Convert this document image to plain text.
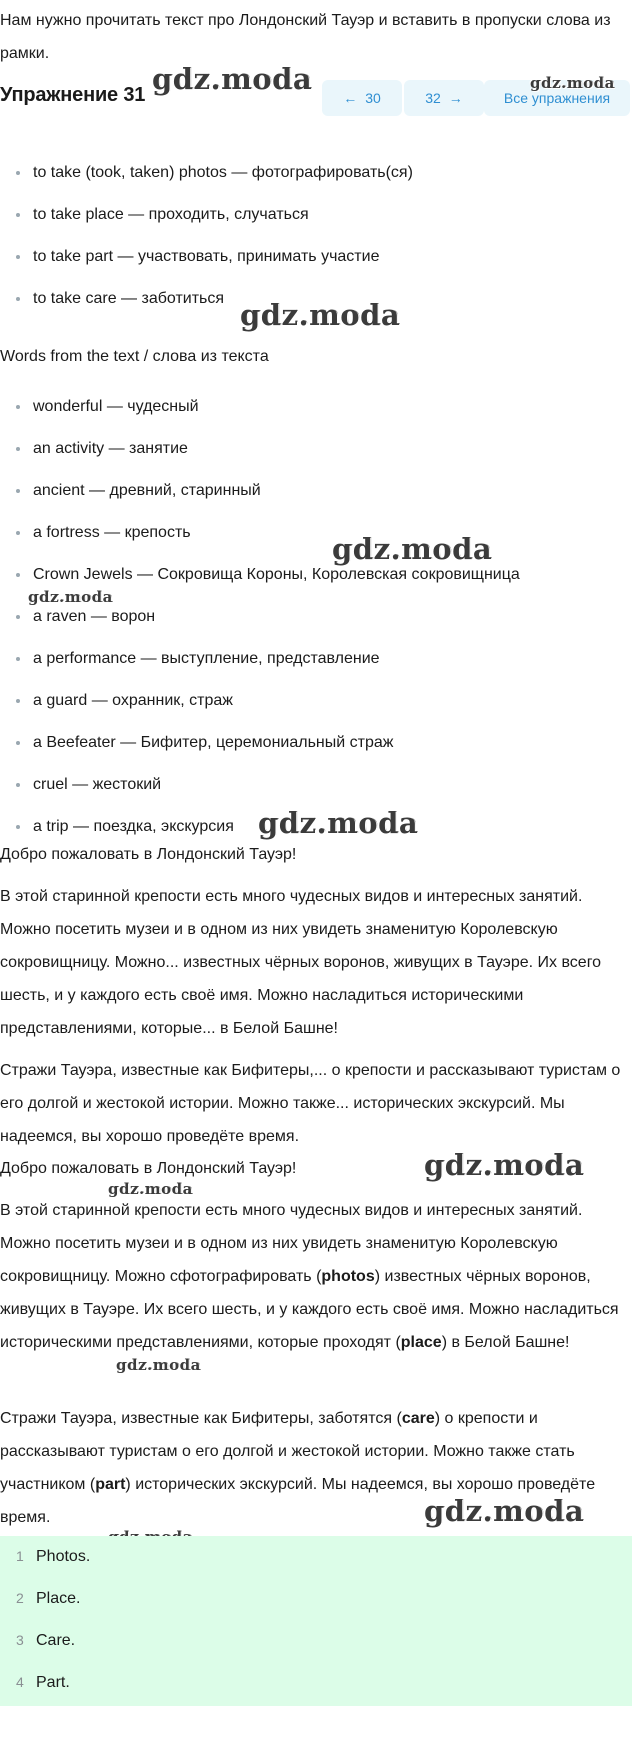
Нам нужно прочитать текст про Лондонский Тауэр и вставить в пропуски слова из рамки.
Упражнение 31	← 30	32 →	Все упражнения
gdz.moda	gdz.moda
gdz.moda
gdz.moda
gdz.moda
gdz.moda
gdz.moda
gdz.moda
gdz.moda
gdz.moda
to take (took, taken) photos — фотографировать(ся)
to take place — проходить, случаться
to take part — участвовать, принимать участие
to take care — заботиться
Words from the text / слова из текста
wonderful — чудесный
an activity — занятие
ancient — древний, старинный
a fortress — крепость
Crown Jewels — Сокровища Короны, Королевская сокровищница
a raven — ворон
a performance — выступление, представление
a guard — охранник, страж
a Beefeater — Бифитер, церемониальный страж
cruel — жестокий
a trip — поездка, экскурсия
Добро пожаловать в Лондонский Тауэр!
В этой старинной крепости есть много чудесных видов и интересных занятий. Можно посетить музеи и в одном из них увидеть знаменитую Королевскую сокровищницу. Можно... известных чёрных воронов, живущих в Тауэре. Их всего шесть, и у каждого есть своё имя. Можно насладиться историческими представлениями, которые... в Белой Башне!
Стражи Тауэра, известные как Бифитеры,... о крепости и рассказывают туристам о его долгой и жестокой истории. Можно также... исторических экскурсий. Мы надеемся, вы хорошо проведёте время.
Добро пожаловать в Лондонский Тауэр!
В этой старинной крепости есть много чудесных видов и интересных занятий. Можно посетить музеи и в одном из них увидеть знаменитую Королевскую сокровищницу. Можно сфотографировать (photos) известных чёрных воронов, живущих в Тауэре. Их всего шесть, и у каждого есть своё имя. Можно насладиться историческими представлениями, которые проходят (place) в Белой Башне!
Стражи Тауэра, известные как Бифитеры, заботятся (care) о крепости и рассказывают туристам о его долгой и жестокой истории. Можно также стать участником (part) исторических экскурсий. Мы надеемся, вы хорошо проведёте время.
1 Photos.
2 Place.
3 Care.
4 Part.
